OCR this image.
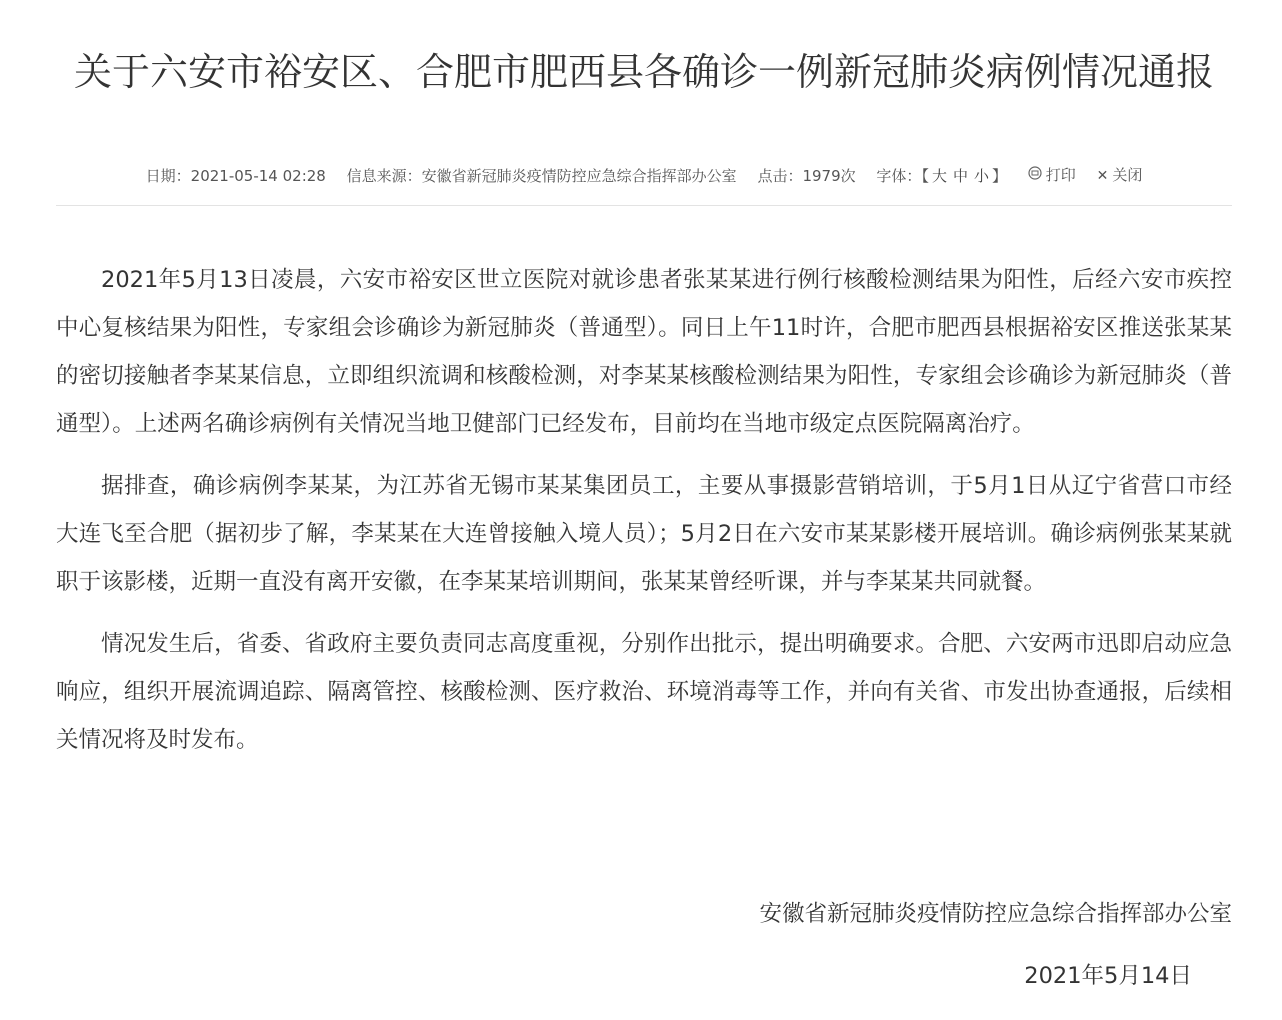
关于六安市裕安区、合肥市肥西县各确诊一例新冠肺炎病例情况通报
日期：2021-05-14 02:28 信息来源：安徽省新冠肺炎疫情防控应急综合指挥部办公室 点击：1979次 字体：【 大 中 小 】	打印 ✕ 关闭

2021年5月13日凌晨，六安市裕安区世立医院对就诊患者张某某进行例行核酸检测结果为阳性，后经六安市疾控中心复核结果为阳性，专家组会诊确诊为新冠肺炎（普通型）。同日上午11时许，合肥市肥西县根据裕安区推送张某某的密切接触者李某某信息，立即组织流调和核酸检测，对李某某核酸检测结果为阳性，专家组会诊确诊为新冠肺炎（普通型）。上述两名确诊病例有关情况当地卫健部门已经发布，目前均在当地市级定点医院隔离治疗。

据排查，确诊病例李某某，为江苏省无锡市某某集团员工，主要从事摄影营销培训，于5月1日从辽宁省营口市经大连飞至合肥（据初步了解，李某某在大连曾接触入境人员）；5月2日在六安市某某影楼开展培训。确诊病例张某某就职于该影楼，近期一直没有离开安徽，在李某某培训期间，张某某曾经听课，并与李某某共同就餐。

情况发生后，省委、省政府主要负责同志高度重视，分别作出批示，提出明确要求。合肥、六安两市迅即启动应急响应，组织开展流调追踪、隔离管控、核酸检测、医疗救治、环境消毒等工作，并向有关省、市发出协查通报，后续相关情况将及时发布。

安徽省新冠肺炎疫情防控应急综合指挥部办公室
2021年5月14日
